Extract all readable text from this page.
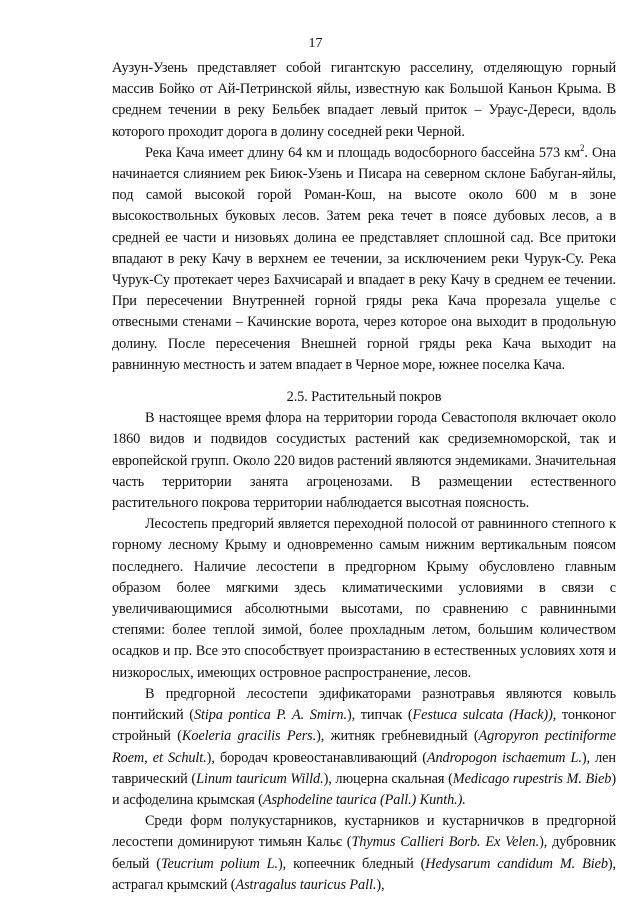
17

Аузун-Узень представляет собой гигантскую расселину, отделяющую горный массив Бойко от Ай-Петринской яйлы, известную как Большой Каньон Крыма. В среднем течении в реку Бельбек впадает левый приток – Ураус-Дереси, вдоль которого проходит дорога в долину соседней реки Черной.

Река Кача имеет длину 64 км и площадь водосборного бассейна 573 $км^2$. Она начинается слиянием рек Биюк-Узень и Писара на северном склоне Бабуган-яйлы, под самой высокой горой Роман-Кош, на высоте около 600 м в зоне высокоствольных буковых лесов. Затем река течет в поясе дубовых лесов, а в средней ее части и низовьях долина ее представляет сплошной сад. Все притоки впадают в реку Качу в верхнем ее течении, за исключением реки Чурук-Су. Река Чурук-Су протекает через Бахчисарай и впадает в реку Качу в среднем ее течении. При пересечении Внутренней горной гряды река Кача прорезала ущелье с отвесными стенами – Качинские ворота, через которое она выходит в продольную долину. После пересечения Внешней горной гряды река Кача выходит на равнинную местность и затем впадает в Черное море, южнее поселка Кача.

2.5. Растительный покров

В настоящее время флора на территории города Севастополя включает около 1860 видов и подвидов сосудистых растений как средиземноморской, так и европейской групп. Около 220 видов растений являются эндемиками. Значительная часть территории занята агроценозами. В размещении естественного растительного покрова территории наблюдается высотная поясность.

Лесостепь предгорий является переходной полосой от равнинного степного к горному лесному Крыму и одновременно самым нижним вертикальным поясом последнего. Наличие лесостепи в предгорном Крыму обусловлено главным образом более мягкими здесь климатическими условиями в связи с увеличивающимися абсолютными высотами, по сравнению с равнинными степями: более теплой зимой, более прохладным летом, большим количеством осадков и пр. Все это способствует произрастанию в естественных условиях хотя и низкорослых, имеющих островное распространение, лесов.

В предгорной лесостепи эдификаторами разнотравья являются ковыль понтийский (Stipa pontica P. A. Smirn.), типчак (Festuca sulcata (Hack)), тонконог стройный (Koeleria gracilis Pers.), житняк гребневидный (Agropyron pectiniforme Roem, et Schult.), бородач кровеостанавливающий (Andropogon ischaemum L.), лен таврический (Linum tauricum Willd.), люцерна скальная (Medicago rupestris M. Bieb) и асфоделина крымская (Asphodeline taurica (Pall.) Kunth.).

Среди форм полукустарников, кустарников и кустарничков в предгорной лесостепи доминируют тимьян Кальє (Thymus Callieri Borb. Ex Velen.), дубровник белый (Teucrium polium L.), копеечник бледный (Hedysarum candidum M. Bieb), астрагал крымский (Astragalus tauricus Pall.),
